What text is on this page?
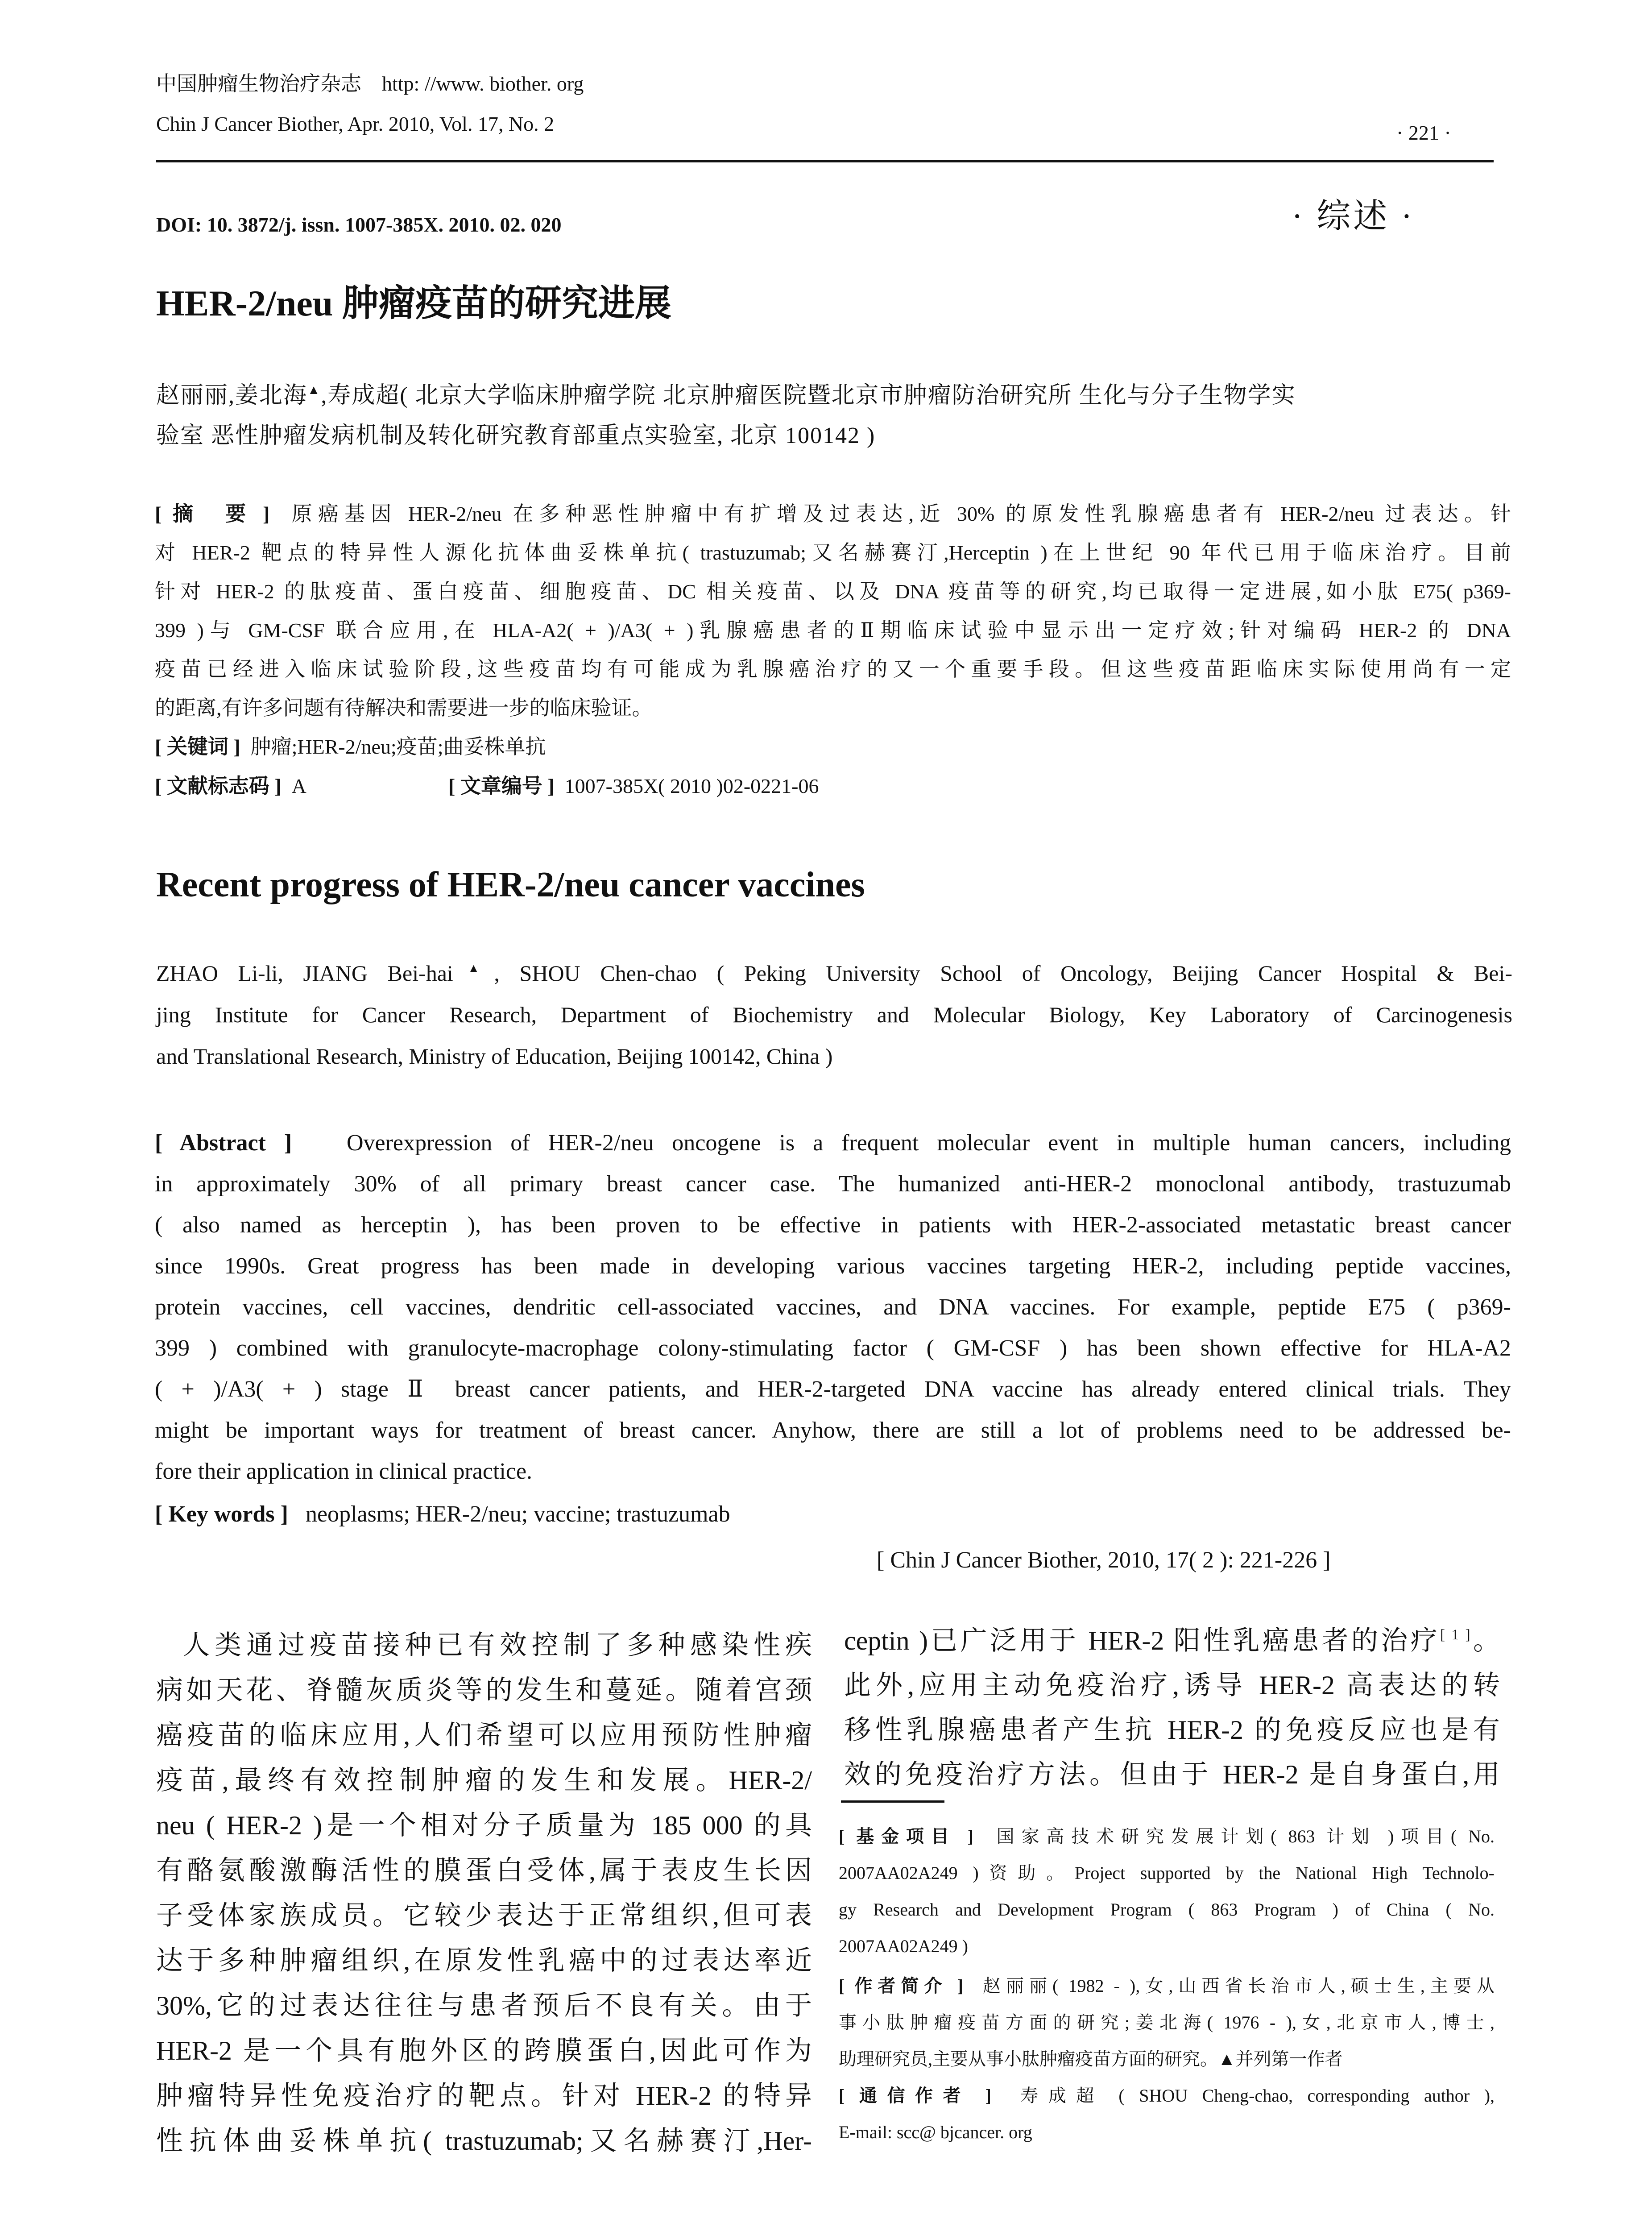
中国肿瘤生物治疗杂志 http: //www. biother. org
Chin J Cancer Biother, Apr. 2010, Vol. 17, No. 2	· 221 ·
DOI: 10. 3872/j. issn. 1007-385X. 2010. 02. 020	· 综述 ·
HER-2/neu 肿瘤疫苗的研究进展
赵丽丽,姜北海▲,寿成超( 北京大学临床肿瘤学院 北京肿瘤医院暨北京市肿瘤防治研究所 生化与分子生物学实
验室 恶性肿瘤发病机制及转化研究教育部重点实验室, 北京 100142 )
[ 摘　要 ] 原癌基因 HER-2/neu 在多种恶性肿瘤中有扩增及过表达,近 30% 的原发性乳腺癌患者有 HER-2/neu 过表达。针
对 HER-2 靶点的特异性人源化抗体曲妥株单抗( trastuzumab;又名赫赛汀,Herceptin )在上世纪 90 年代已用于临床治疗。目前
针对 HER-2 的肽疫苗、蛋白疫苗、细胞疫苗、DC 相关疫苗、以及 DNA 疫苗等的研究,均已取得一定进展,如小肽 E75( p369-
399 )与 GM-CSF 联合应用,在 HLA-A2( + )/A3( + )乳腺癌患者的Ⅱ期临床试验中显示出一定疗效;针对编码 HER-2 的 DNA
疫苗已经进入临床试验阶段,这些疫苗均有可能成为乳腺癌治疗的又一个重要手段。但这些疫苗距临床实际使用尚有一定
的距离,有许多问题有待解决和需要进一步的临床验证。
[ 关键词 ] 肿瘤;HER-2/neu;疫苗;曲妥株单抗
[ 文献标志码 ] A	[ 文章编号 ] 1007-385X( 2010 )02-0221-06
Recent progress of HER-2/neu cancer vaccines
ZHAO Li-li, JIANG Bei-hai▲, SHOU Chen-chao ( Peking University School of Oncology, Beijing Cancer Hospital & Bei-
jing Institute for Cancer Research, Department of Biochemistry and Molecular Biology, Key Laboratory of Carcinogenesis
and Translational Research, Ministry of Education, Beijing 100142, China )
[ Abstract ] Overexpression of HER-2/neu oncogene is a frequent molecular event in multiple human cancers, including
in approximately 30% of all primary breast cancer case. The humanized anti-HER-2 monoclonal antibody, trastuzumab
( also named as herceptin ), has been proven to be effective in patients with HER-2-associated metastatic breast cancer
since 1990s. Great progress has been made in developing various vaccines targeting HER-2, including peptide vaccines,
protein vaccines, cell vaccines, dendritic cell-associated vaccines, and DNA vaccines. For example, peptide E75 ( p369-
399 ) combined with granulocyte-macrophage colony-stimulating factor ( GM-CSF ) has been shown effective for HLA-A2
( + )/A3( + ) stage Ⅱ breast cancer patients, and HER-2-targeted DNA vaccine has already entered clinical trials. They
might be important ways for treatment of breast cancer. Anyhow, there are still a lot of problems need to be addressed be-
fore their application in clinical practice.
[ Key words ] neoplasms; HER-2/neu; vaccine; trastuzumab
[ Chin J Cancer Biother, 2010, 17( 2 ): 221-226 ]
人类通过疫苗接种已有效控制了多种感染性疾
病如天花、脊髓灰质炎等的发生和蔓延。随着宫颈
癌疫苗的临床应用,人们希望可以应用预防性肿瘤
疫苗,最终有效控制肿瘤的发生和发展。HER-2/
neu ( HER-2 )是一个相对分子质量为 185 000 的具
有酪氨酸激酶活性的膜蛋白受体,属于表皮生长因
子受体家族成员。它较少表达于正常组织,但可表
达于多种肿瘤组织,在原发性乳癌中的过表达率近
30%,它的过表达往往与患者预后不良有关。由于
HER-2 是一个具有胞外区的跨膜蛋白,因此可作为
肿瘤特异性免疫治疗的靶点。针对 HER-2 的特异
性抗体曲妥株单抗( trastuzumab;又名赫赛汀,Her-
ceptin )已广泛用于 HER-2 阳性乳癌患者的治疗[ 1 ]。
此外,应用主动免疫治疗,诱导 HER-2 高表达的转
移性乳腺癌患者产生抗 HER-2 的免疫反应也是有
效的免疫治疗方法。但由于 HER-2 是自身蛋白,用
[ 基金项目 ] 国家高技术研究发展计划( 863 计划 )项目( No.
2007AA02A249 )资助。Project supported by the National High Technolo-
gy Research and Development Program ( 863 Program ) of China ( No.
2007AA02A249 )
[ 作者简介 ] 赵丽丽( 1982 - ),女,山西省长治市人,硕士生,主要从
事小肽肿瘤疫苗方面的研究;姜北海( 1976 - ),女,北京市人,博士,
助理研究员,主要从事小肽肿瘤疫苗方面的研究。▲并列第一作者
[ 通信作者 ] 寿成超 ( SHOU Cheng-chao, corresponding author ),
E-mail: scc@ bjcancer. org
